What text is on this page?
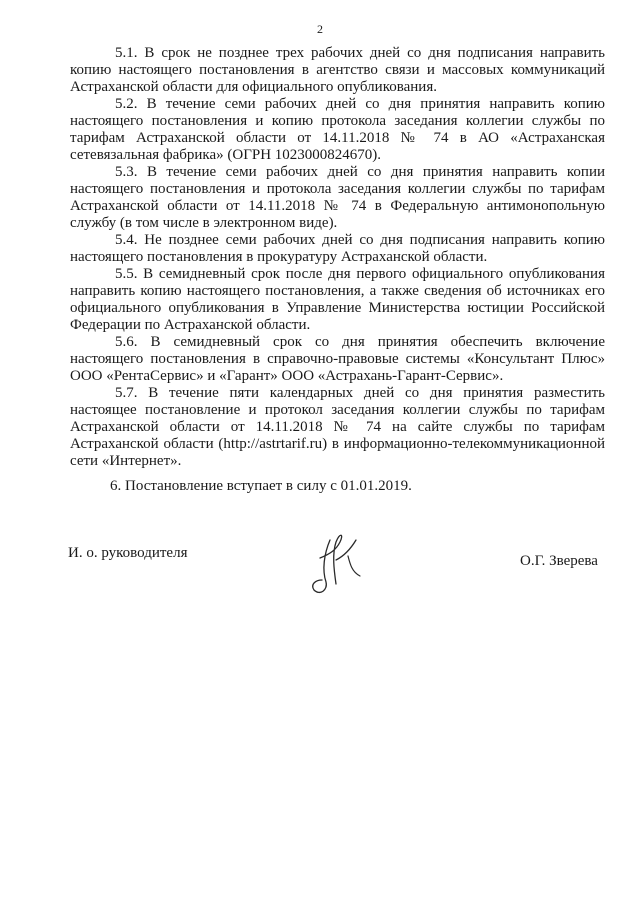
2

5.1. В срок не позднее трех рабочих дней со дня подписания направить копию настоящего постановления в агентство связи и массовых коммуникаций Астраханской области для официального опубликования.

5.2. В течение семи рабочих дней со дня принятия направить копию настоящего постановления и копию протокола заседания коллегии службы по тарифам Астраханской области от 14.11.2018 № 74 в АО «Астраханская сетевязальная фабрика» (ОГРН 1023000824670).

5.3. В течение семи рабочих дней со дня принятия направить копии настоящего постановления и протокола заседания коллегии службы по тарифам Астраханской области от 14.11.2018 № 74 в Федеральную антимонопольную службу (в том числе в электронном виде).

5.4. Не позднее семи рабочих дней со дня подписания направить копию настоящего постановления в прокуратуру Астраханской области.

5.5. В семидневный срок после дня первого официального опубликования направить копию настоящего постановления, а также сведения об источниках его официального опубликования в Управление Министерства юстиции Российской Федерации по Астраханской области.

5.6. В семидневный срок со дня принятия обеспечить включение настоящего постановления в справочно-правовые системы «Консультант Плюс» ООО «РентаСервис» и «Гарант» ООО «Астрахань-Гарант-Сервис».

5.7. В течение пяти календарных дней со дня принятия разместить настоящее постановление и протокол заседания коллегии службы по тарифам Астраханской области от 14.11.2018 № 74 на сайте службы по тарифам Астраханской области (http://astrtarif.ru) в информационно-телекоммуникационной сети «Интернет».

6. Постановление вступает в силу с 01.01.2019.

И. о. руководителя	О.Г. Зверева
